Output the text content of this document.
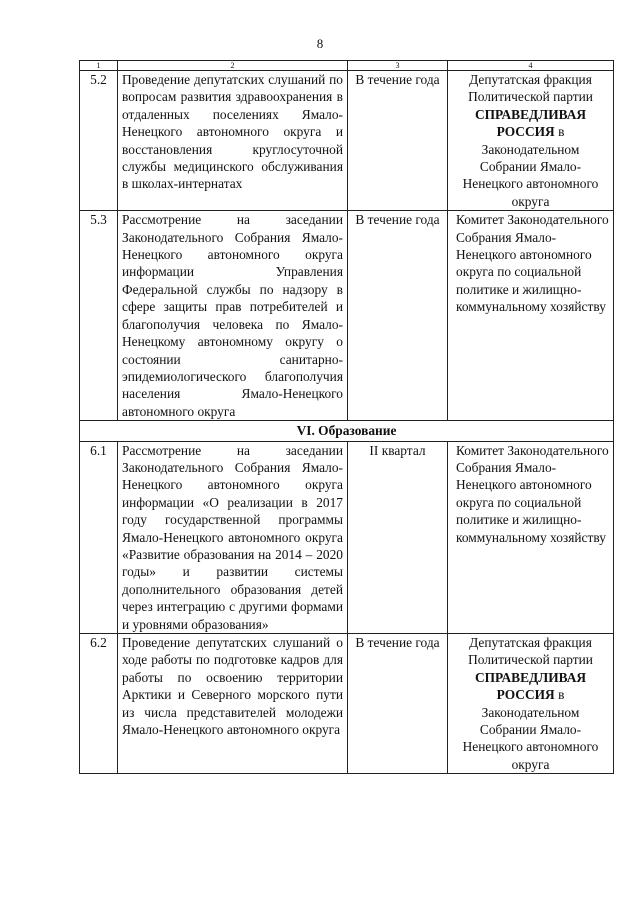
8
1	2	3	4
5.2	Проведение депутатских слушаний по вопросам развития здравоохранения в отдаленных поселениях Ямало-Ненецкого автономного округа и восстановления круглосуточной службы медицинского обслуживания в школах-интернатах	В течение года	Депутатская фракция Политической партии СПРАВЕДЛИВАЯ РОССИЯ в Законодательном Собрании Ямало-Ненецкого автономного округа
5.3	Рассмотрение на заседании Законодательного Собрания Ямало-Ненецкого автономного округа информации Управления Федеральной службы по надзору в сфере защиты прав потребителей и благополучия человека по Ямало-Ненецкому автономному округу о состоянии санитарно-эпидемиологического благополучия населения Ямало-Ненецкого автономного округа	В течение года	Комитет Законодательного Собрания Ямало-Ненецкого автономного округа по социальной политике и жилищно-коммунальному хозяйству
VI. Образование			
6.1	Рассмотрение на заседании Законодательного Собрания Ямало-Ненецкого автономного округа информации «О реализации в 2017 году государственной программы Ямало-Ненецкого автономного округа «Развитие образования на 2014 – 2020 годы» и развитии системы дополнительного образования детей через интеграцию с другими формами и уровнями образования»	II квартал	Комитет Законодательного Собрания Ямало-Ненецкого автономного округа по социальной политике и жилищно-коммунальному хозяйству
6.2	Проведение депутатских слушаний о ходе работы по подготовке кадров для работы по освоению территории Арктики и Северного морского пути из числа представителей молодежи Ямало-Ненецкого автономного округа	В течение года	Депутатская фракция Политической партии СПРАВЕДЛИВАЯ РОССИЯ в Законодательном Собрании Ямало-Ненецкого автономного округа
